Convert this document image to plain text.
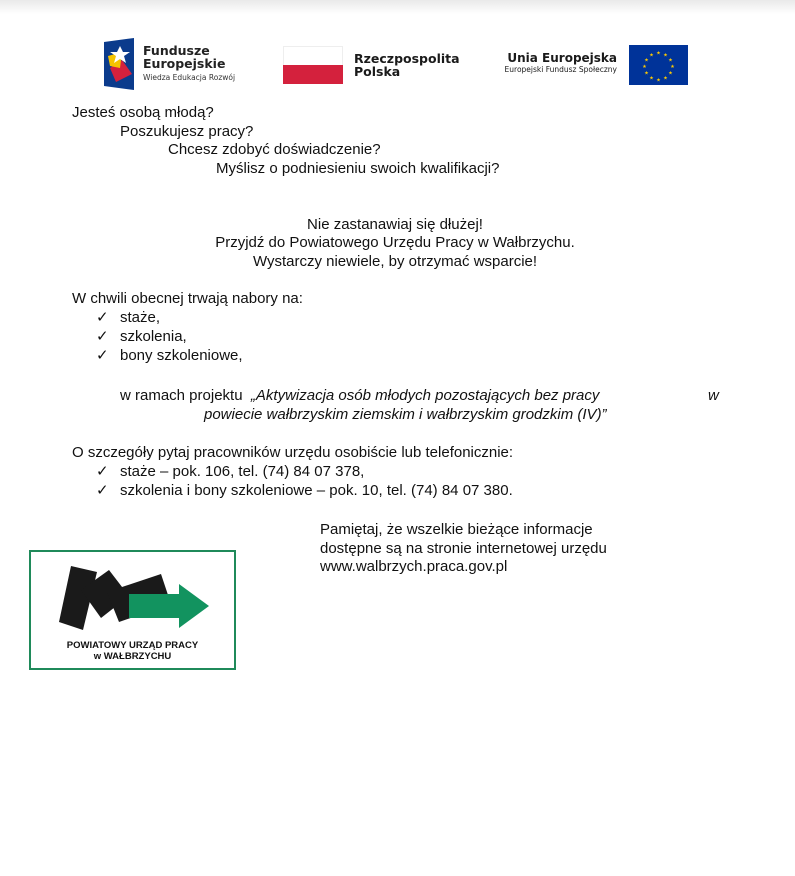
Fundusze
Europejskie
Wiedza Edukacja Rozwój
Rzeczpospolita
Polska
Unia Europejska
Europejski Fundusz Społeczny
★ ★
★
★
★
★
★
★
★
★
★
★
Jesteś osobą młodą?
Poszukujesz pracy?
Chcesz zdobyć doświadczenie?
Myślisz o podniesieniu swoich kwalifikacji?
Nie zastanawiaj się dłużej!
Przyjdź do Powiatowego Urzędu Pracy w Wałbrzychu.
Wystarczy niewiele, by otrzymać wsparcie!
W chwili obecnej trwają nabory na:
✓ staże,
✓ szkolenia,
✓ bony szkoleniowe,
w ramach projektu „Aktywizacja osób młodych pozostających bez pracy	w
powiecie wałbrzyskim ziemskim i wałbrzyskim grodzkim (IV)”
O szczegóły pytaj pracowników urzędu osobiście lub telefonicznie:
✓ staże – pok. 106, tel. (74) 84 07 378,
✓ szkolenia i bony szkoleniowe – pok. 10, tel. (74) 84 07 380.
Pamiętaj, że wszelkie bieżące informacje
dostępne są na stronie internetowej urzędu
www.walbrzych.praca.gov.pl
POWIATOWY URZĄD PRACY
w WAŁBRZYCHU
